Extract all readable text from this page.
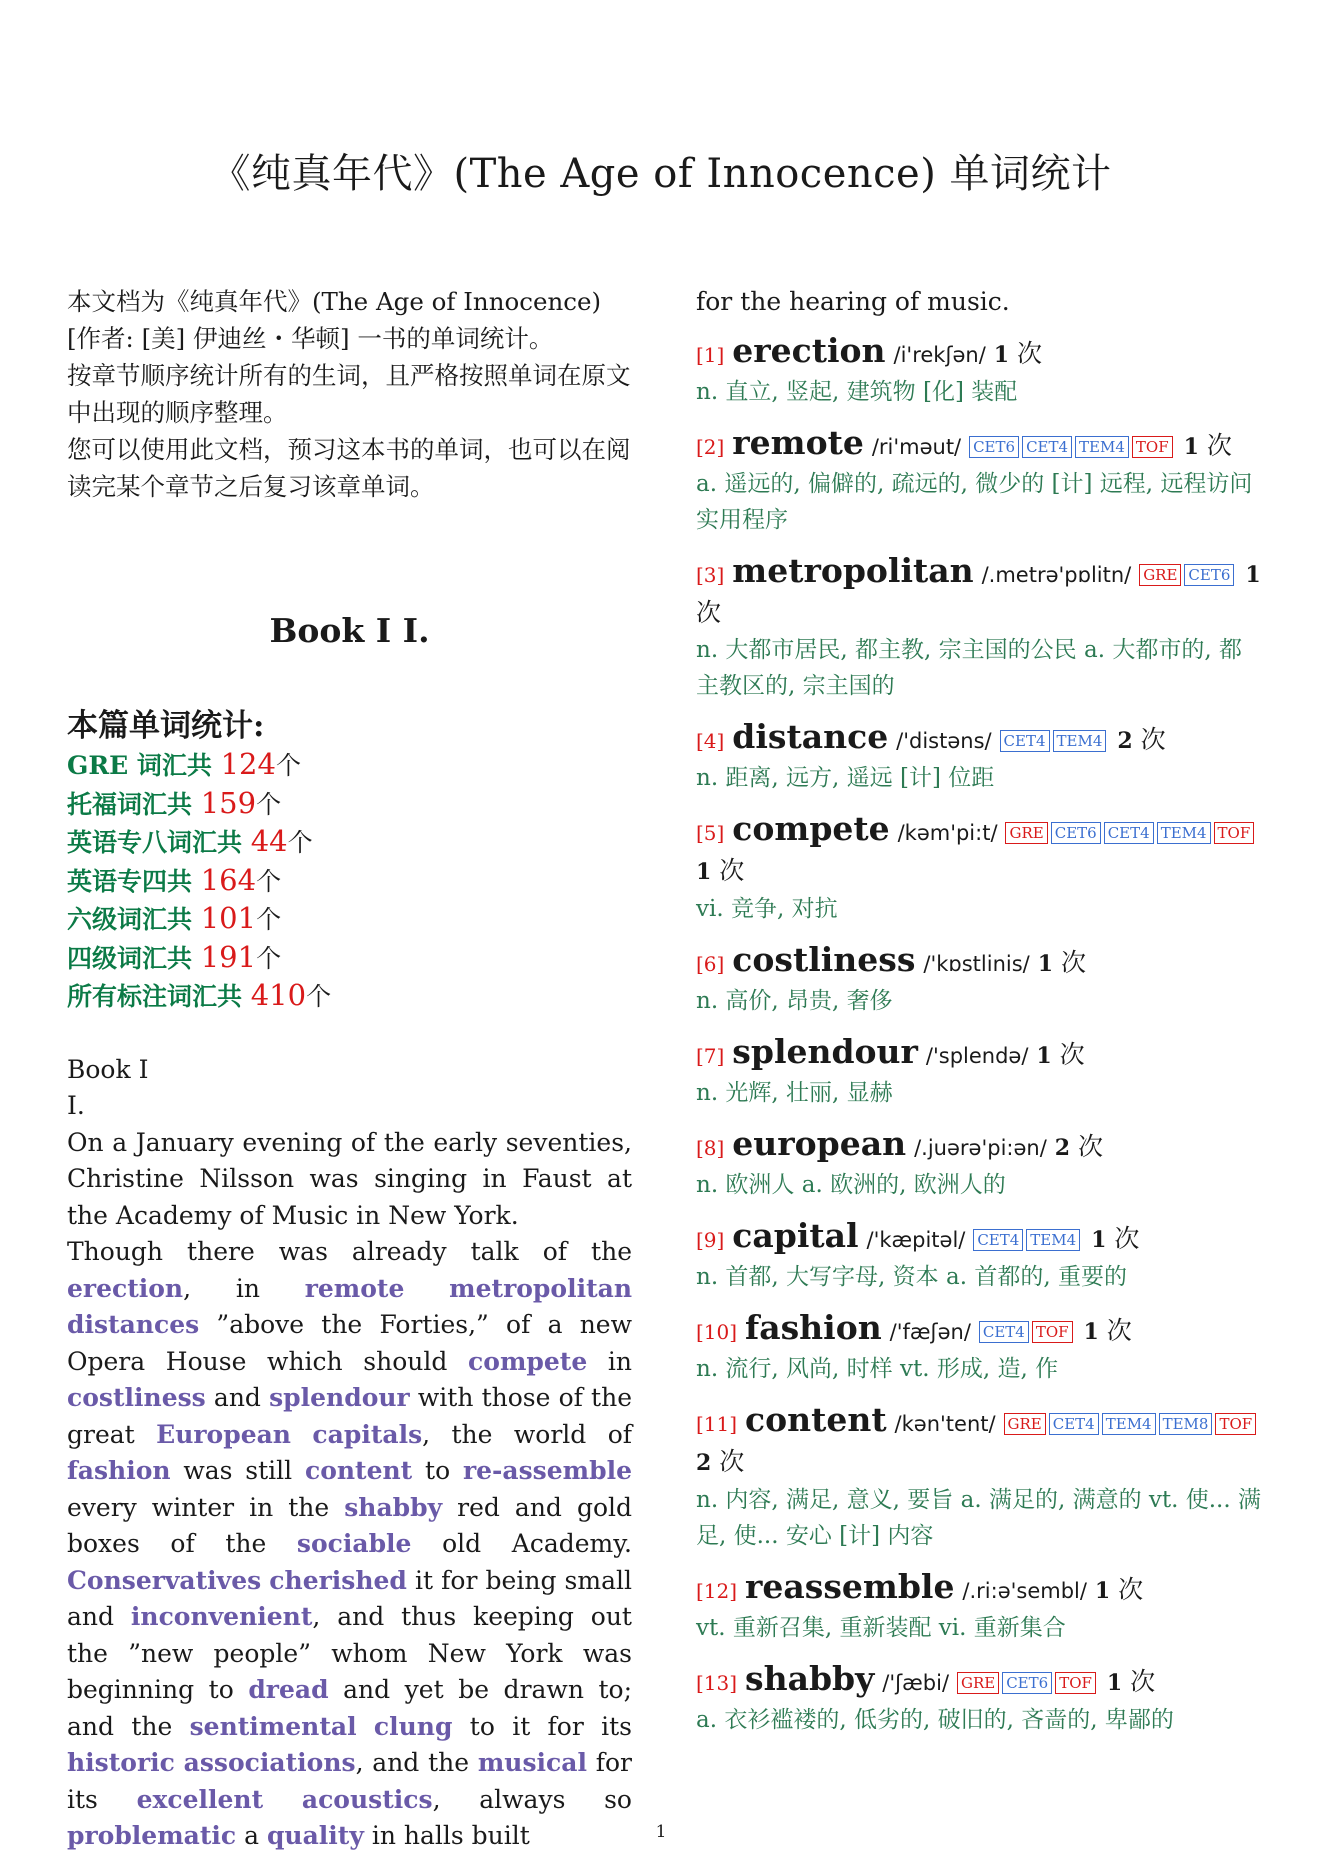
《纯真年代》(The Age of Innocence) 单词统计

本文档为《纯真年代》(The Age of Innocence)[作者: [美] 伊迪丝・华顿] 一书的单词统计。

按章节顺序统计所有的生词，且严格按照单词在原文中出现的顺序整理。

您可以使用此文档，预习这本书的单词，也可以在阅读完某个章节之后复习该章单词。

Book I I.
本篇单词统计:
GRE 词汇共 124个
托福词汇共 159个
英语专八词汇共 44个
英语专四共 164个
六级词汇共 101个
四级词汇共 191个
所有标注词汇共 410个
Book I
I.

On a January evening of the early seventies, Christine Nilsson was singing in Faust at the Academy of Music in New York.

Though there was already talk of the erection, in remote metropolitan distances ”above the Forties,” of a new Opera House which should compete in costliness and splendour with those of the great European capitals, the world of fashion was still content to re-assemble every winter in the shabby red and gold boxes of the sociable old Academy. Conservatives cherished it for being small and inconvenient, and thus keeping out the ”new people” whom New York was beginning to dread and yet be drawn to; and the sentimental clung to it for its historic associations, and the musical for its excellent acoustics, always so problematic a quality in halls built

for the hearing of music.

[1] erection /i'rekʃən/ 1 次
n. 直立, 竖起, 建筑物 [化] 装配
[2] remote /ri'məut/ CET6 CET4 TEM4 TOF 1 次
a. 遥远的, 偏僻的, 疏远的, 微少的 [计] 远程, 远程访问实用程序
[3] metropolitan /.metrə'pɒlitn/ GRE CET6 1 次
n. 大都市居民, 都主教, 宗主国的公民 a. 大都市的, 都主教区的, 宗主国的
[4] distance /'distəns/ CET4 TEM4 2 次
n. 距离, 远方, 遥远 [计] 位距
[5] compete /kəm'pi:t/ GRE CET6 CET4 TEM4 TOF 1 次
vi. 竞争, 对抗
[6] costliness /'kɒstlinis/ 1 次
n. 高价, 昂贵, 奢侈
[7] splendour /'splendə/ 1 次
n. 光辉, 壮丽, 显赫
[8] european /.juərə'pi:ən/ 2 次
n. 欧洲人 a. 欧洲的, 欧洲人的
[9] capital /'kæpitəl/ CET4 TEM4 1 次
n. 首都, 大写字母, 资本 a. 首都的, 重要的
[10] fashion /'fæʃən/ CET4 TOF 1 次
n. 流行, 风尚, 时样 vt. 形成, 造, 作
[11] content /kən'tent/ GRE CET4 TEM4 TEM8 TOF 2 次
n. 内容, 满足, 意义, 要旨 a. 满足的, 满意的 vt. 使... 满足, 使... 安心 [计] 内容
[12] reassemble /.ri:ə'sembl/ 1 次
vt. 重新召集, 重新装配 vi. 重新集合
[13] shabby /'ʃæbi/ GRE CET6 TOF 1 次
a. 衣衫褴褛的, 低劣的, 破旧的, 吝啬的, 卑鄙的
1
